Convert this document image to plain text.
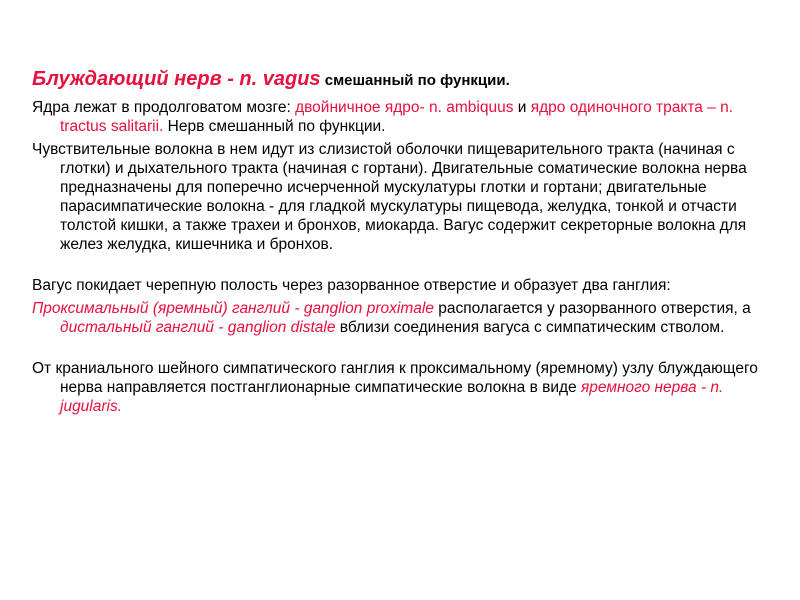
Блуждающий нерв - n. vagus смешанный по функции.
Ядра лежат в продолговатом мозге: двойничное ядро- n. ambiquus и ядро одиночного тракта – n. tractus salitarii. Нерв смешанный по функции.
Чувствительные волокна в нем идут из слизистой оболочки пищеварительного тракта (начиная с глотки) и дыхательного тракта (начиная с гортани). Двигательные соматические волокна нерва предназначены для поперечно исчерченной мускулатуры глотки и гортани; двигательные парасимпатические волокна - для гладкой мускулатуры пищевода, желудка, тонкой и отчасти толстой кишки, а также трахеи и бронхов, миокарда. Вагус содержит секреторные волокна для желез желудка, кишечника и бронхов.
Вагус покидает черепную полость через разорванное отверстие и образует два ганглия:
Проксимальный (яремный) ганглий - ganglion proximale располагается у разорванного отверстия, а дистальный ганглий - ganglion distale вблизи соединения вагуса с симпатическим стволом.
От краниального шейного симпатического ганглия к проксимальному (яремному) узлу блуждающего нерва направляется постганглионарные симпатические волокна в виде яремного нерва - n. jugularis.
